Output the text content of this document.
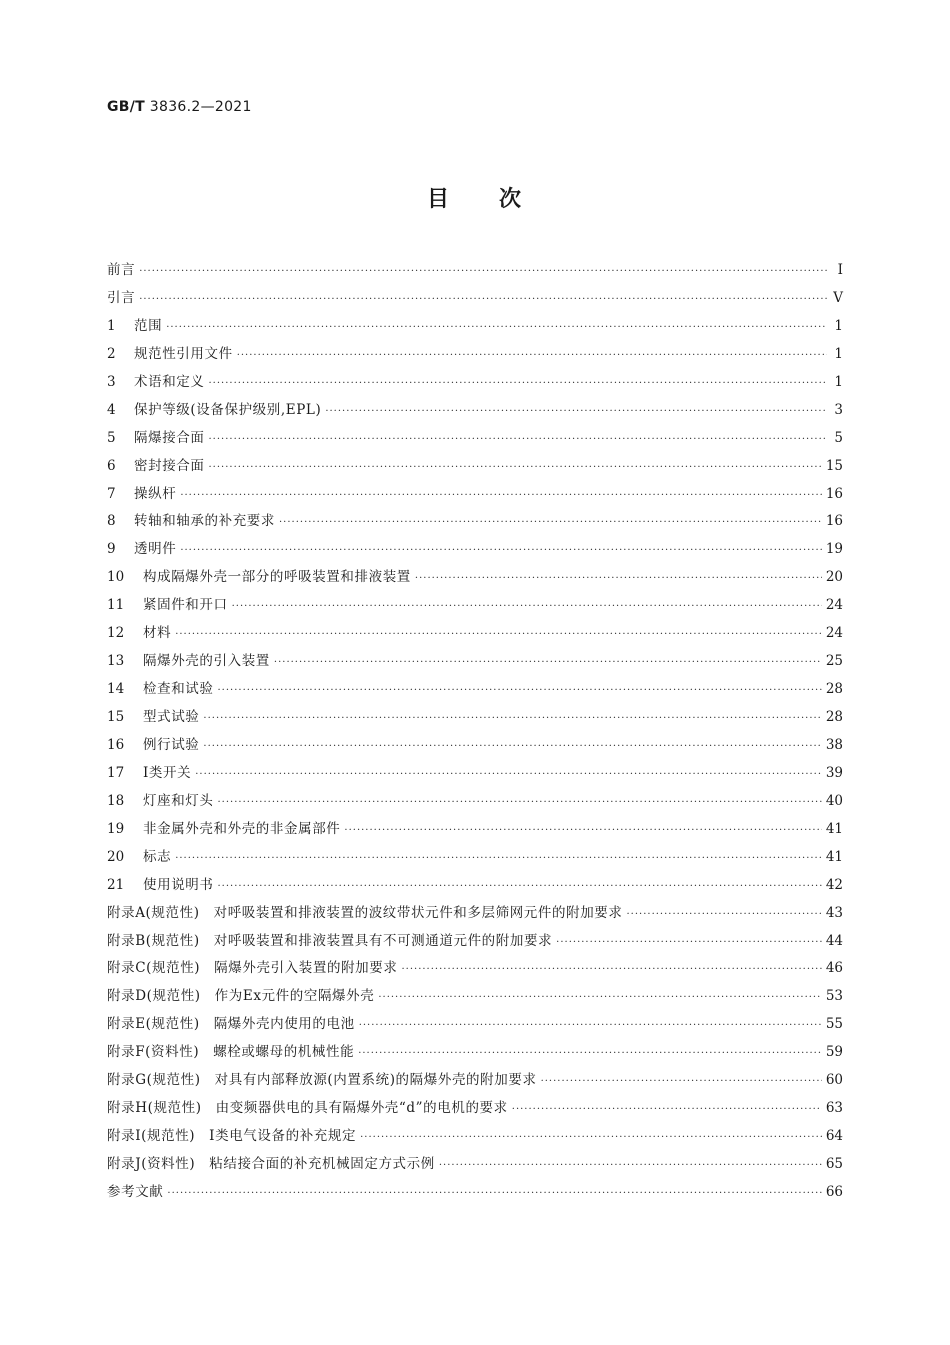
GB/T 3836.2—2021
目 次
前言 ·····	Ⅰ
引言 ·····	Ⅴ
1	范围 ·····	1
2	规范性引用文件 ·····	1
3	术语和定义 ·····	1
4	保护等级(设备保护级别,EPL) ·····	3
5	隔爆接合面 ·····	5
6	密封接合面 ·····	15
7	操纵杆 ·····	16
8	转轴和轴承的补充要求 ·····	16
9	透明件 ·····	19
10	构成隔爆外壳一部分的呼吸装置和排液装置 ·····	20
11	紧固件和开口 ·····	24
12	材料 ·····	24
13	隔爆外壳的引入装置 ·····	25
14	检查和试验 ·····	28
15	型式试验 ·····	28
16	例行试验 ·····	38
17	Ⅰ类开关 ·····	39
18	灯座和灯头 ·····	40
19	非金属外壳和外壳的非金属部件 ·····	41
20	标志 ·····	41
21	使用说明书 ·····	42
附录A(规范性) 对呼吸装置和排液装置的波纹带状元件和多层筛网元件的附加要求 ·····	43
附录B(规范性) 对呼吸装置和排液装置具有不可测通道元件的附加要求 ·····	44
附录C(规范性) 隔爆外壳引入装置的附加要求 ·····	46
附录D(规范性) 作为Ex元件的空隔爆外壳 ·····	53
附录E(规范性) 隔爆外壳内使用的电池 ·····	55
附录F(资料性) 螺栓或螺母的机械性能 ·····	59
附录G(规范性) 对具有内部释放源(内置系统)的隔爆外壳的附加要求 ·····	60
附录H(规范性) 由变频器供电的具有隔爆外壳“d”的电机的要求 ·····	63
附录I(规范性) Ⅰ类电气设备的补充规定 ·····	64
附录J(资料性) 粘结接合面的补充机械固定方式示例 ·····	65
参考文献 ·····	66
